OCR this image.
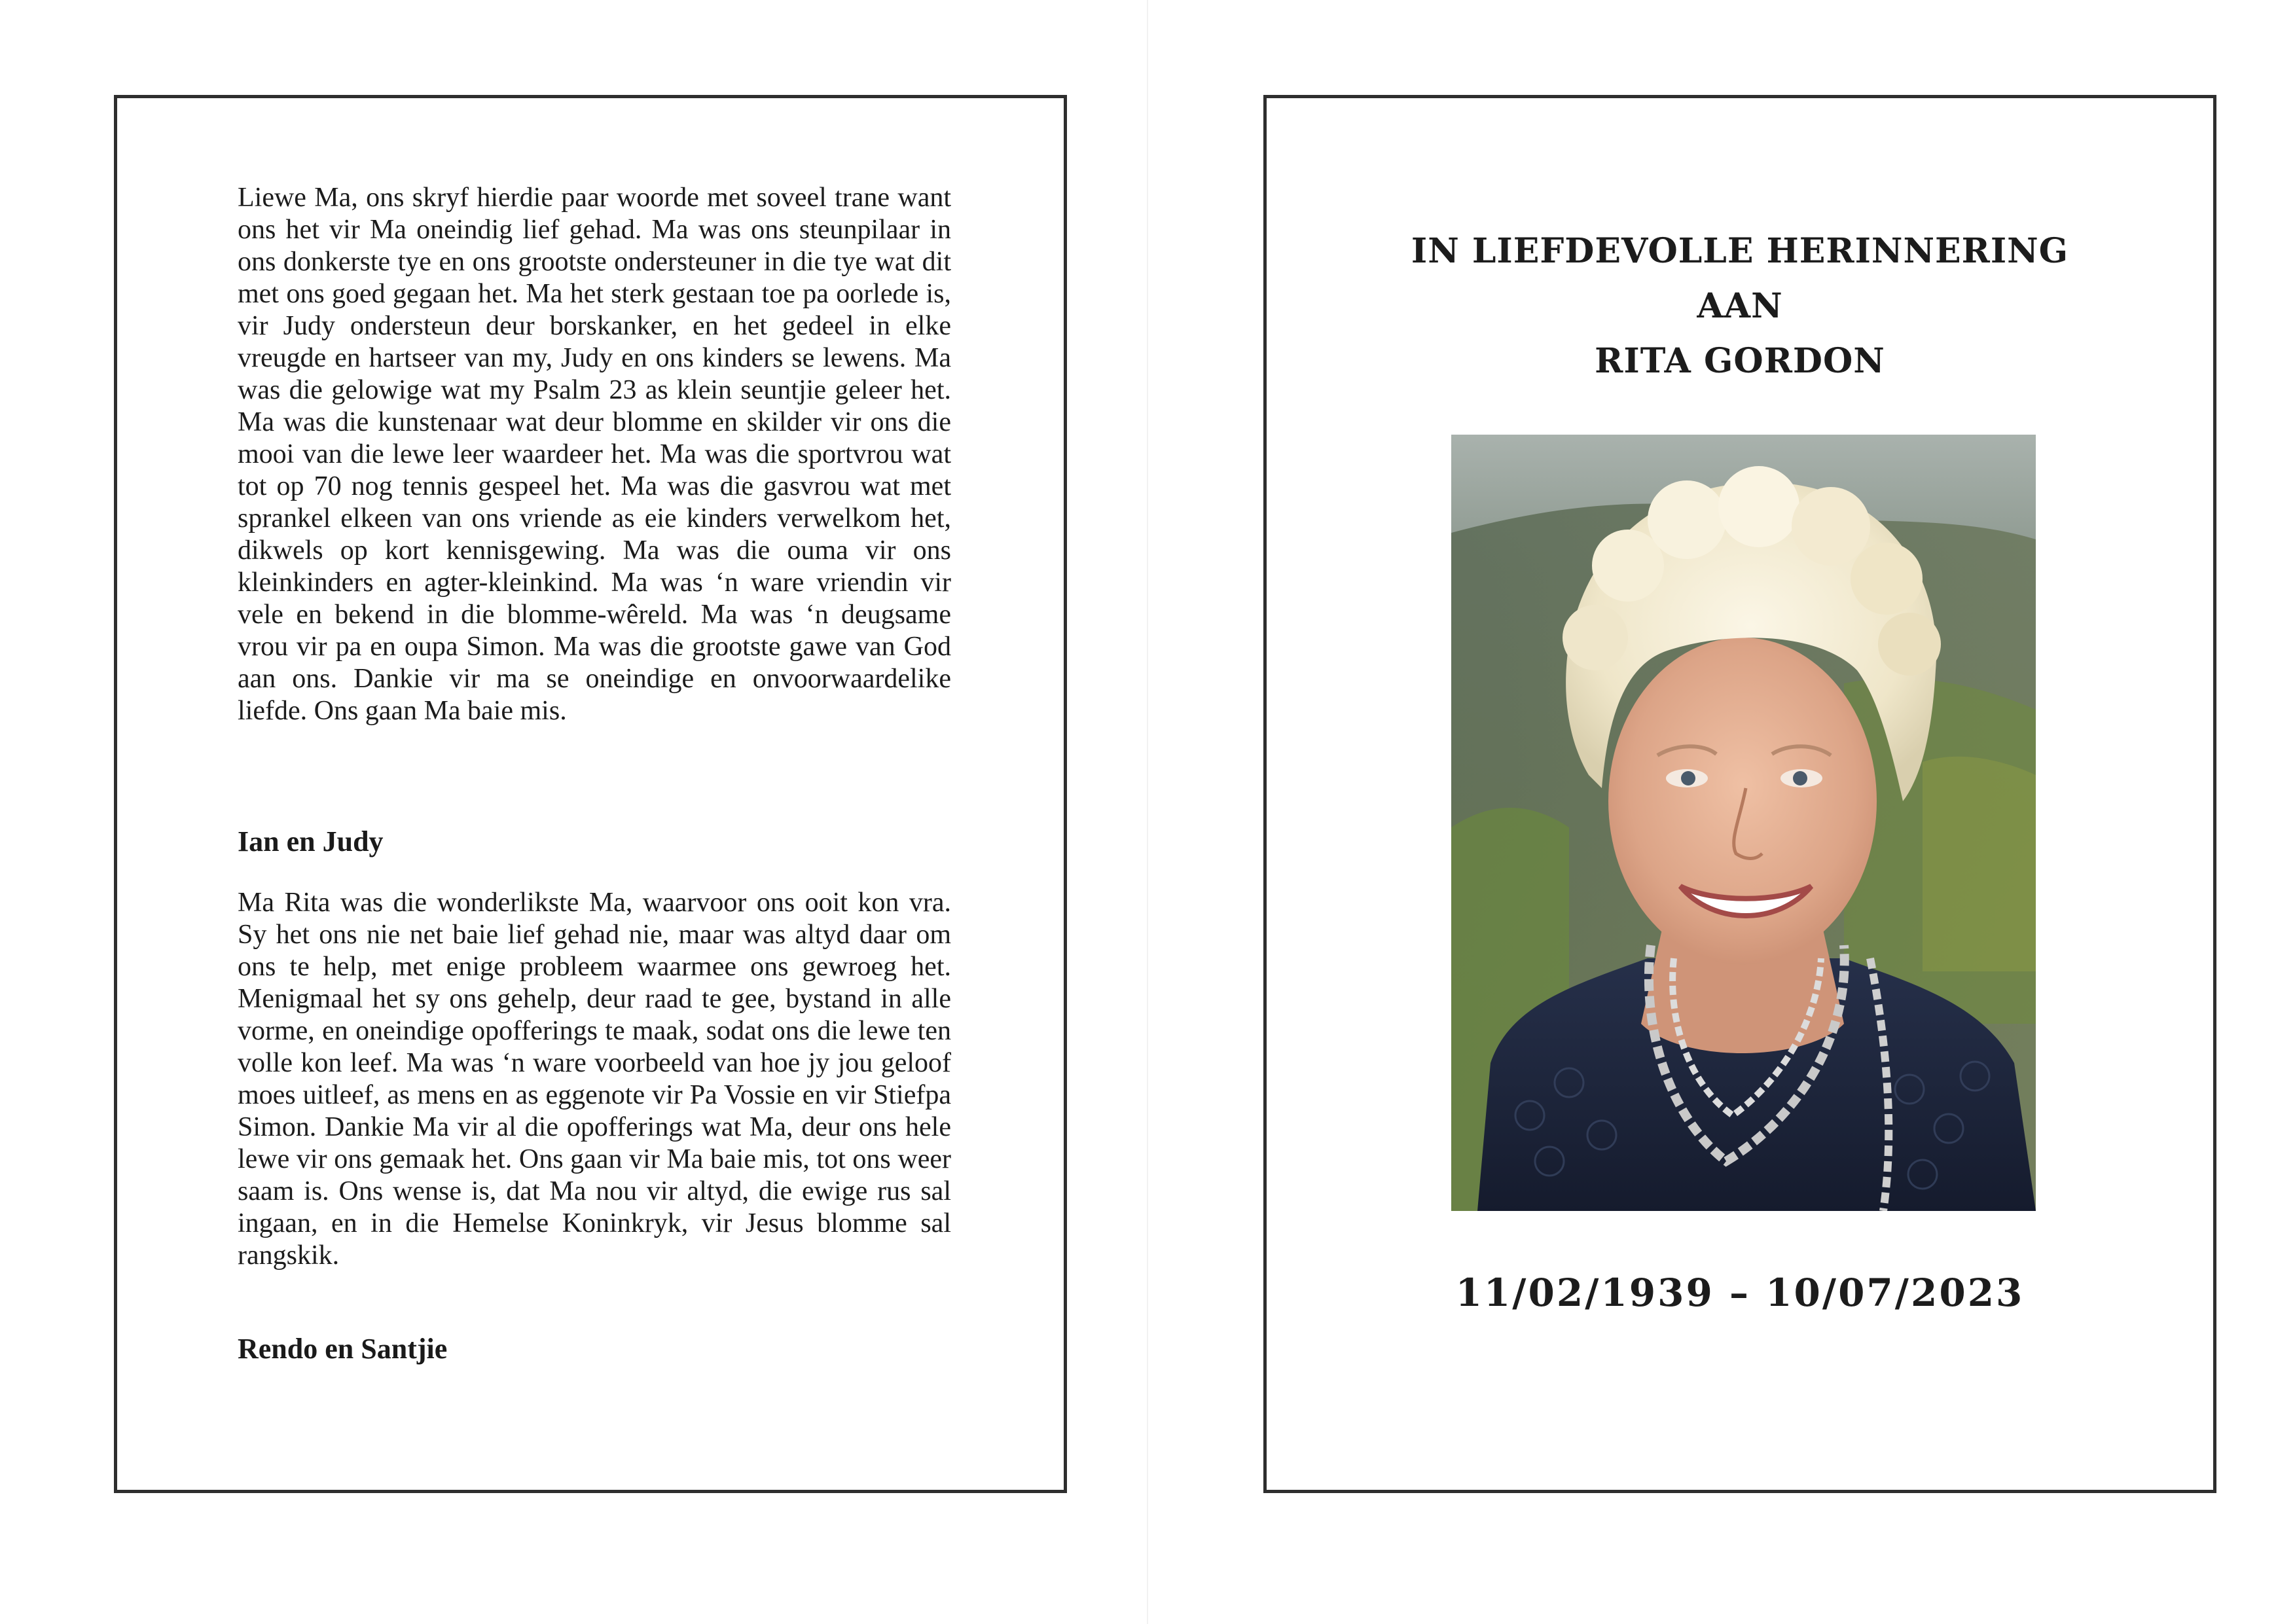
Liewe Ma, ons skryf hierdie paar woorde met soveel trane want ons het vir Ma oneindig lief gehad. Ma was ons steunpilaar in ons donkerste tye en ons grootste ondersteuner in die tye wat dit met ons goed gegaan het. Ma het sterk gestaan toe pa oorlede is, vir Judy ondersteun deur borskanker, en het gedeel in elke vreugde en hartseer van my, Judy en ons kinders se lewens. Ma was die gelowige wat my Psalm 23 as klein seuntjie geleer het. Ma was die kunstenaar wat deur blomme en skilder vir ons die mooi van die lewe leer waardeer het. Ma was die sportvrou wat tot op 70 nog tennis gespeel het. Ma was die gasvrou wat met sprankel elkeen van ons vriende as eie kinders verwelkom het, dikwels op kort kennisgewing. Ma was die ouma vir ons kleinkinders en agter-kleinkind. Ma was ‘n ware vriendin vir vele en bekend in die blomme-wêreld. Ma was ‘n deugsame vrou vir pa en oupa Simon. Ma was die grootste gawe van God aan ons. Dankie vir ma se oneindige en onvoorwaardelike liefde. Ons gaan Ma baie mis.

Ian en Judy

Ma Rita was die wonderlikste Ma, waarvoor ons ooit kon vra. Sy het ons nie net baie lief gehad nie, maar was altyd daar om ons te help, met enige probleem waarmee ons gewroeg het. Menigmaal het sy ons gehelp, deur raad te gee, bystand in alle vorme, en oneindige opofferings te maak, sodat ons die lewe ten volle kon leef. Ma was ‘n ware voorbeeld van hoe jy jou geloof moes uitleef, as mens en as eggenote vir Pa Vossie en vir Stiefpa Simon. Dankie Ma vir al die opofferings wat Ma, deur ons hele lewe vir ons gemaak het. Ons gaan vir Ma baie mis, tot ons weer saam is. Ons wense is, dat Ma nou vir altyd, die ewige rus sal ingaan, en in die Hemelse Koninkryk, vir Jesus blomme sal rangskik.

Rendo en Santjie

IN LIEFDEVOLLE HERINNERING
AAN
RITA GORDON
11/02/1939 – 10/07/2023
